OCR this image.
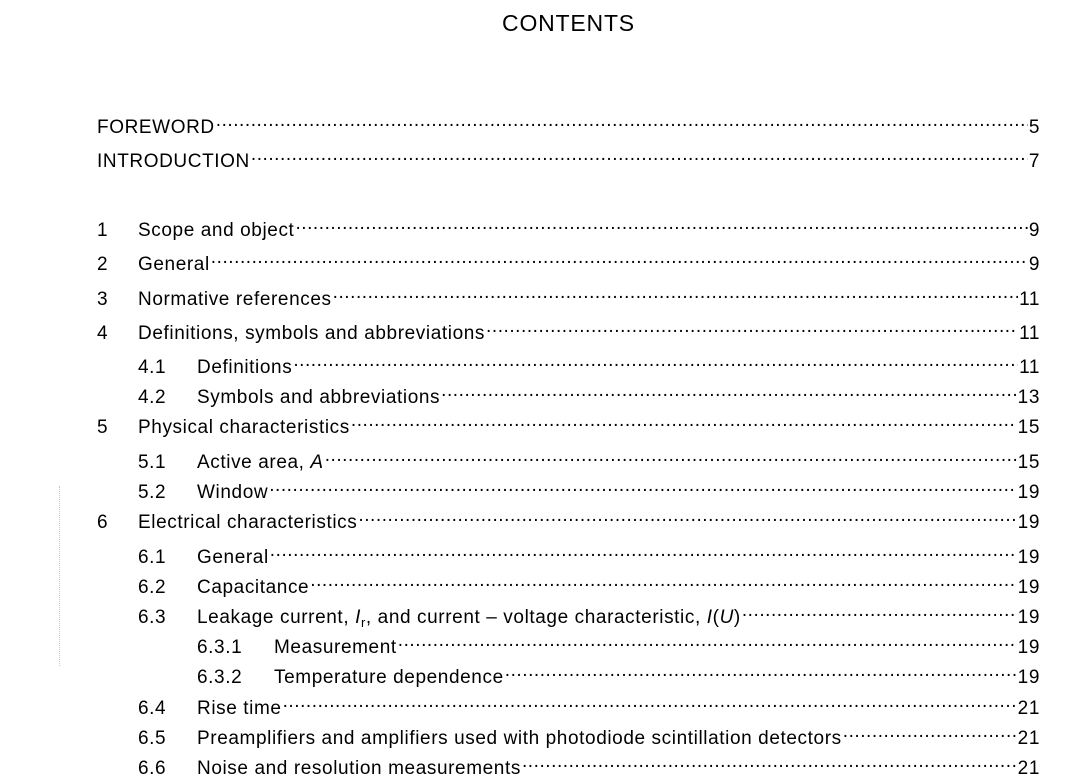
CONTENTS
FOREWORD .....	5
INTRODUCTION .....	7
1	Scope and object .....	9
2	General .....	9
3	Normative references .....	11
4	Definitions, symbols and abbreviations .....	11
4.1	Definitions .....	11
4.2	Symbols and abbreviations .....	13
5	Physical characteristics .....	15
5.1	Active area, A .....	15
5.2	Window .....	19
6	Electrical characteristics .....	19
6.1	General .....	19
6.2	Capacitance .....	19
6.3	Leakage current, $I_r$, and current – voltage characteristic, I(U) .....	19
6.3.1	Measurement .....	19
6.3.2	Temperature dependence .....	19
6.4	Rise time .....	21
6.5	Preamplifiers and amplifiers used with photodiode scintillation detectors .....	21
6.6	Noise and resolution measurements .....	21
